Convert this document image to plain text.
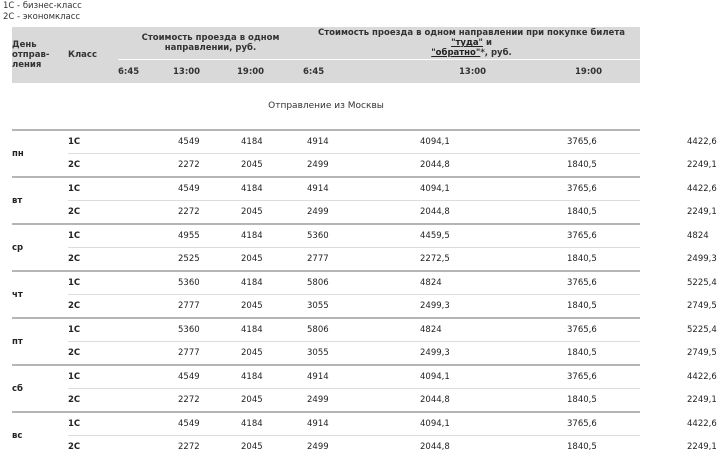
1С - бизнес-класс
2С - экономкласс
День
отправ-
ления	Класс	Стоимость проезда в одном
направлении, руб.			Стоимость проезда в одном направлении при покупке билета "туда" и
"обратно"*, руб.			
		6:45	13:00	19:00	6:45	13:00	19:00	
Отправление из Москвы								
пн	1С		4549	4184	4914	4094,1	3765,6	4422,6
	2С		2272	2045	2499	2044,8	1840,5	2249,1
вт	1С		4549	4184	4914	4094,1	3765,6	4422,6
	2С		2272	2045	2499	2044,8	1840,5	2249,1
ср	1С		4955	4184	5360	4459,5	3765,6	4824
	2С		2525	2045	2777	2272,5	1840,5	2499,3
чт	1С		5360	4184	5806	4824	3765,6	5225,4
	2С		2777	2045	3055	2499,3	1840,5	2749,5
пт	1С		5360	4184	5806	4824	3765,6	5225,4
	2С		2777	2045	3055	2499,3	1840,5	2749,5
сб	1С		4549	4184	4914	4094,1	3765,6	4422,6
	2С		2272	2045	2499	2044,8	1840,5	2249,1
вс	1С		4549	4184	4914	4094,1	3765,6	4422,6
	2С		2272	2045	2499	2044,8	1840,5	2249,1
